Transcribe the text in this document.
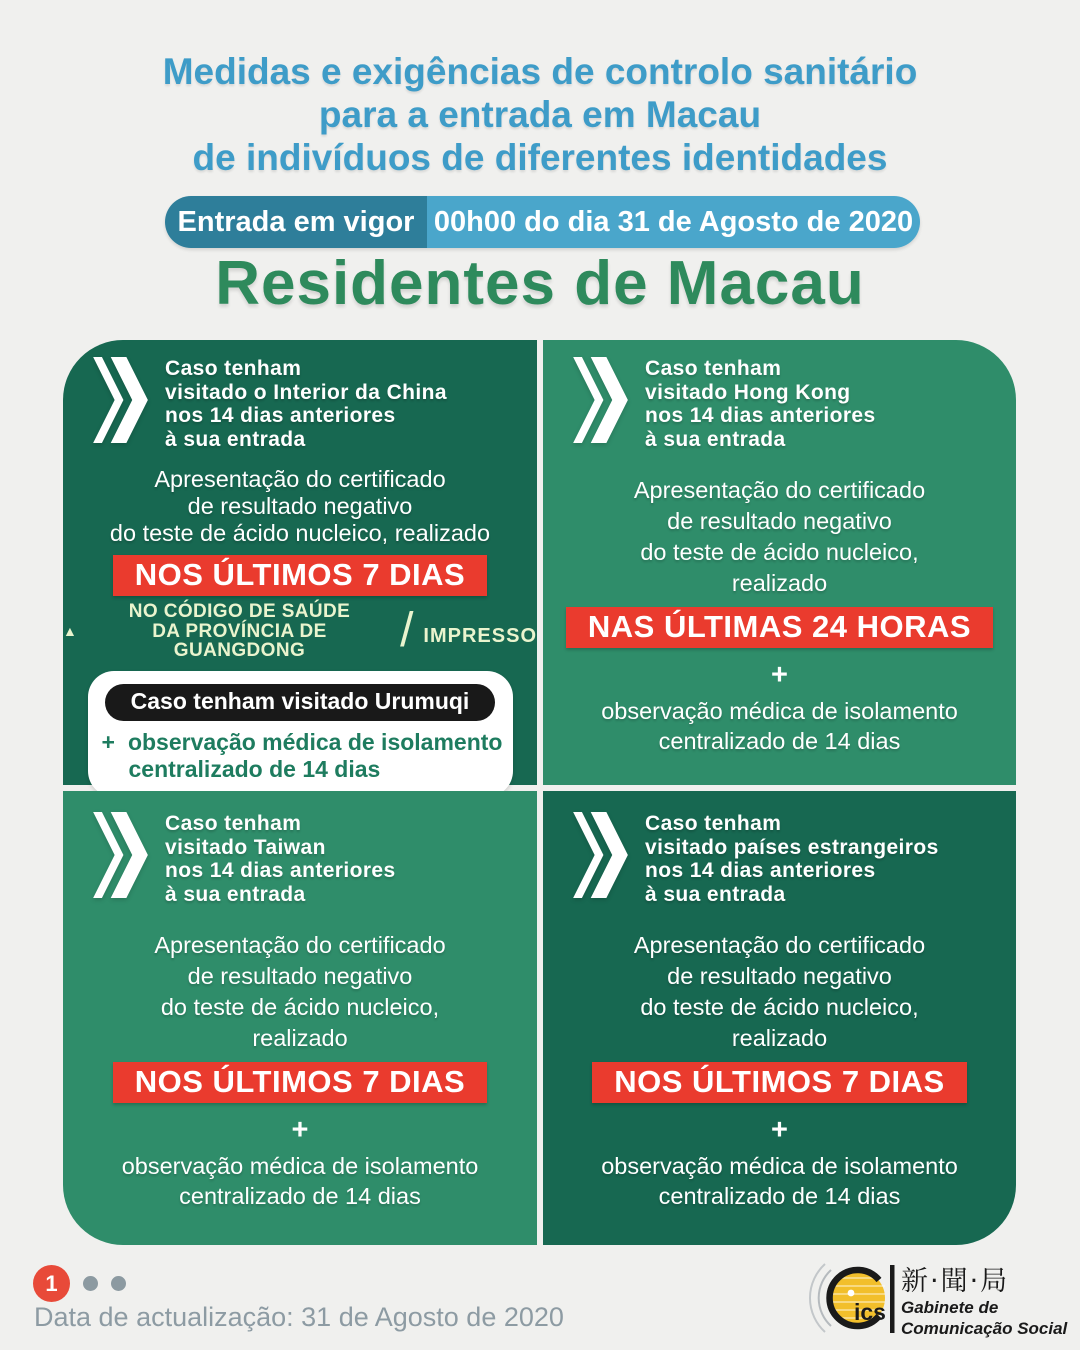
Medidas e exigências de controlo sanitário
para a entrada em Macau
de indivíduos de diferentes identidades
Entrada em vigor 00h00 do dia 31 de Agosto de 2020
Residentes de Macau
Caso tenham
visitado o Interior da China
nos 14 dias anteriores
à sua entrada
Apresentação do certificado
de resultado negativo
do teste de ácido nucleico, realizado
NOS ÚLTIMOS 7 DIAS
▲
NO CÓDIGO DE SAÚDE
DA PROVÍNCIA DE GUANGDONG	/ IMPRESSO
Caso tenham visitado Urumuqi
+ observação médica de isolamento
centralizado de 14 dias
Caso tenham
visitado Hong Kong
nos 14 dias anteriores
à sua entrada
Apresentação do certificado
de resultado negativo
do teste de ácido nucleico,
realizado
NAS ÚLTIMAS 24 HORAS
+
observação médica de isolamento
centralizado de 14 dias
Caso tenham
visitado Taiwan
nos 14 dias anteriores
à sua entrada
Apresentação do certificado
de resultado negativo
do teste de ácido nucleico,
realizado
NOS ÚLTIMOS 7 DIAS
+
observação médica de isolamento
centralizado de 14 dias
Caso tenham
visitado países estrangeiros
nos 14 dias anteriores
à sua entrada
Apresentação do certificado
de resultado negativo
do teste de ácido nucleico,
realizado
NOS ÚLTIMOS 7 DIAS
+
observação médica de isolamento
centralizado de 14 dias
1
Data de actualização: 31 de Agosto de 2020	ics
新‧聞‧局
Gabinete de
Comunicação Social
